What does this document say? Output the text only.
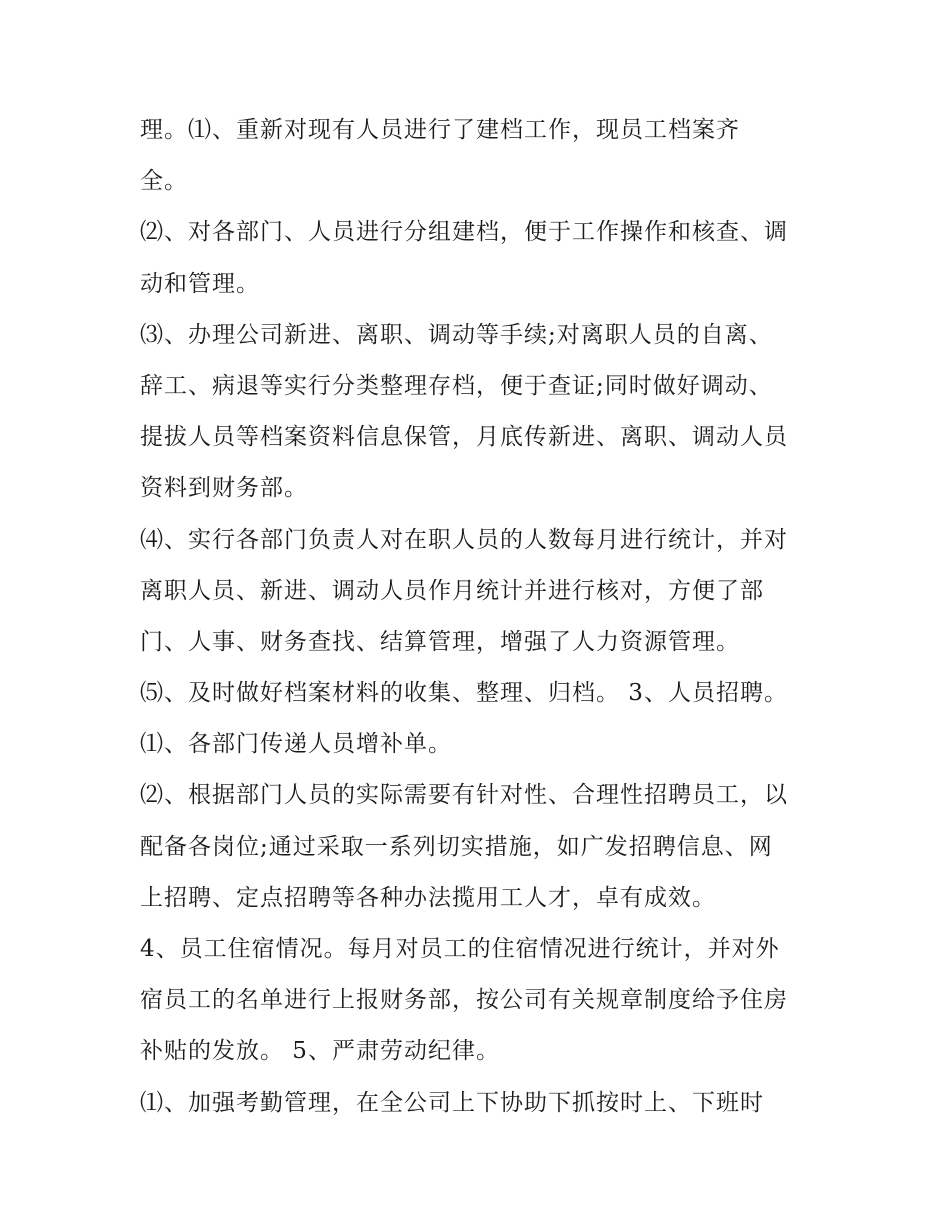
理。⑴、重新对现有人员进行了建档工作，现员工档案齐
全。
⑵、对各部门、人员进行分组建档，便于工作操作和核查、调
动和管理。
⑶、办理公司新进、离职、调动等手续;对离职人员的自离、
辞工、病退等实行分类整理存档，便于查证;同时做好调动、
提拔人员等档案资料信息保管，月底传新进、离职、调动人员
资料到财务部。
⑷、实行各部门负责人对在职人员的人数每月进行统计，并对
离职人员、新进、调动人员作月统计并进行核对，方便了部
门、人事、财务查找、结算管理，增强了人力资源管理。
⑸、及时做好档案材料的收集、整理、归档。 3、人员招聘。
⑴、各部门传递人员增补单。
⑵、根据部门人员的实际需要有针对性、合理性招聘员工，以
配备各岗位;通过采取一系列切实措施，如广发招聘信息、网
上招聘、定点招聘等各种办法揽用工人才，卓有成效。
4、员工住宿情况。每月对员工的住宿情况进行统计，并对外
宿员工的名单进行上报财务部，按公司有关规章制度给予住房
补贴的发放。 5、严肃劳动纪律。
⑴、加强考勤管理，在全公司上下协助下抓按时上、下班时
